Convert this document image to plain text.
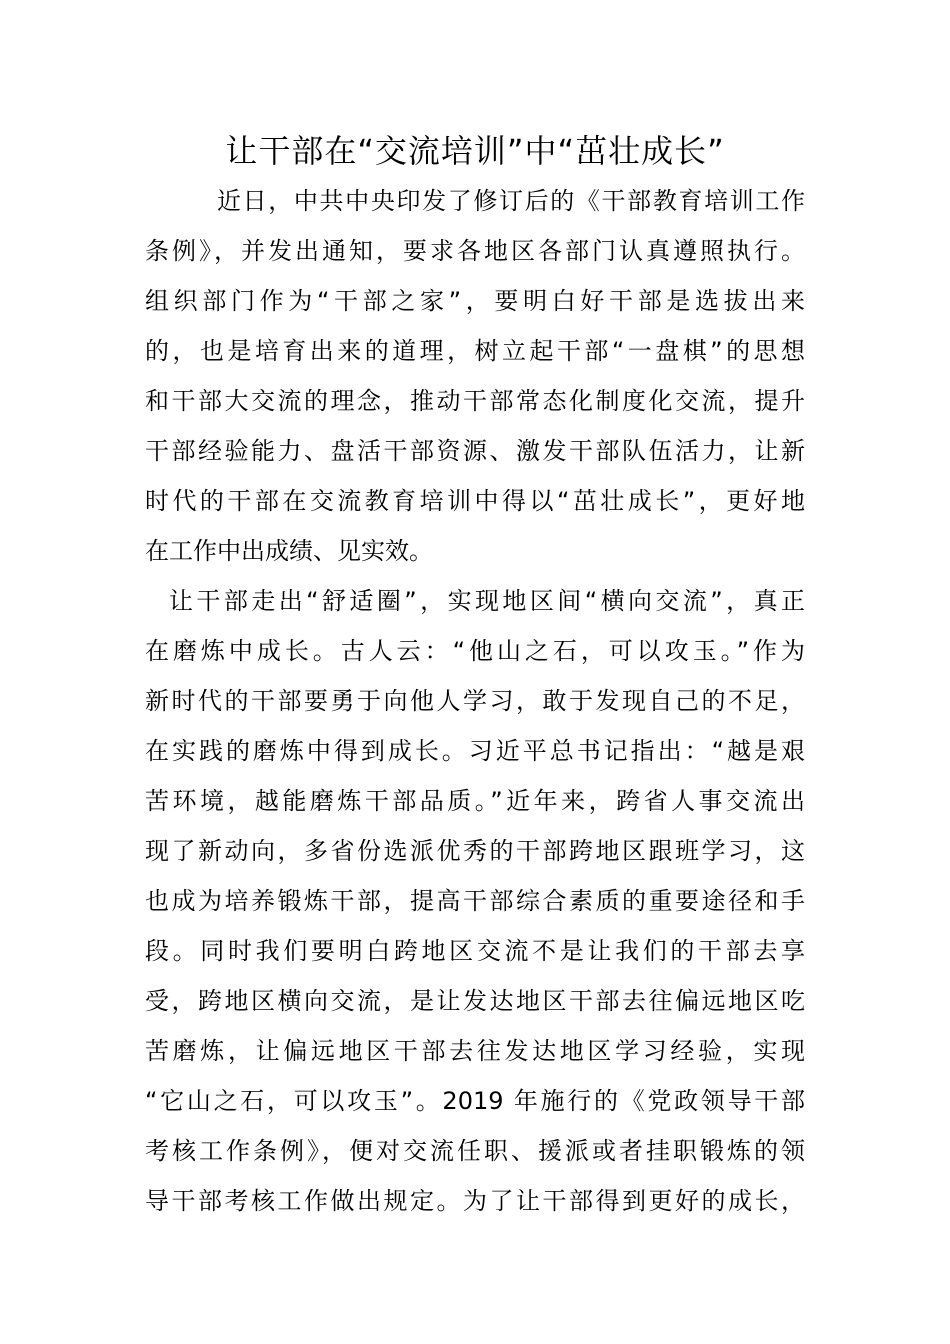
让干部在“交流培训”中“茁壮成长”
近日，中共中央印发了修订后的《干部教育培训工作
条例》，并发出通知，要求各地区各部门认真遵照执行。
组织部门作为“干部之家”，要明白好干部是选拔出来
的，也是培育出来的道理，树立起干部“一盘棋”的思想
和干部大交流的理念，推动干部常态化制度化交流，提升
干部经验能力、盘活干部资源、激发干部队伍活力，让新
时代的干部在交流教育培训中得以“茁壮成长”，更好地
在工作中出成绩、见实效。
让干部走出“舒适圈”，实现地区间“横向交流”，真正
在磨炼中成长。古人云：“他山之石，可以攻玉。”作为
新时代的干部要勇于向他人学习，敢于发现自己的不足，
在实践的磨炼中得到成长。习近平总书记指出：“越是艰
苦环境，越能磨炼干部品质。”近年来，跨省人事交流出
现了新动向，多省份选派优秀的干部跨地区跟班学习，这
也成为培养锻炼干部，提高干部综合素质的重要途径和手
段。同时我们要明白跨地区交流不是让我们的干部去享
受，跨地区横向交流，是让发达地区干部去往偏远地区吃
苦磨炼，让偏远地区干部去往发达地区学习经验，实现
“它山之石，可以攻玉”。2019 年施行的《党政领导干部
考核工作条例》，便对交流任职、援派或者挂职锻炼的领
导干部考核工作做出规定。为了让干部得到更好的成长，
